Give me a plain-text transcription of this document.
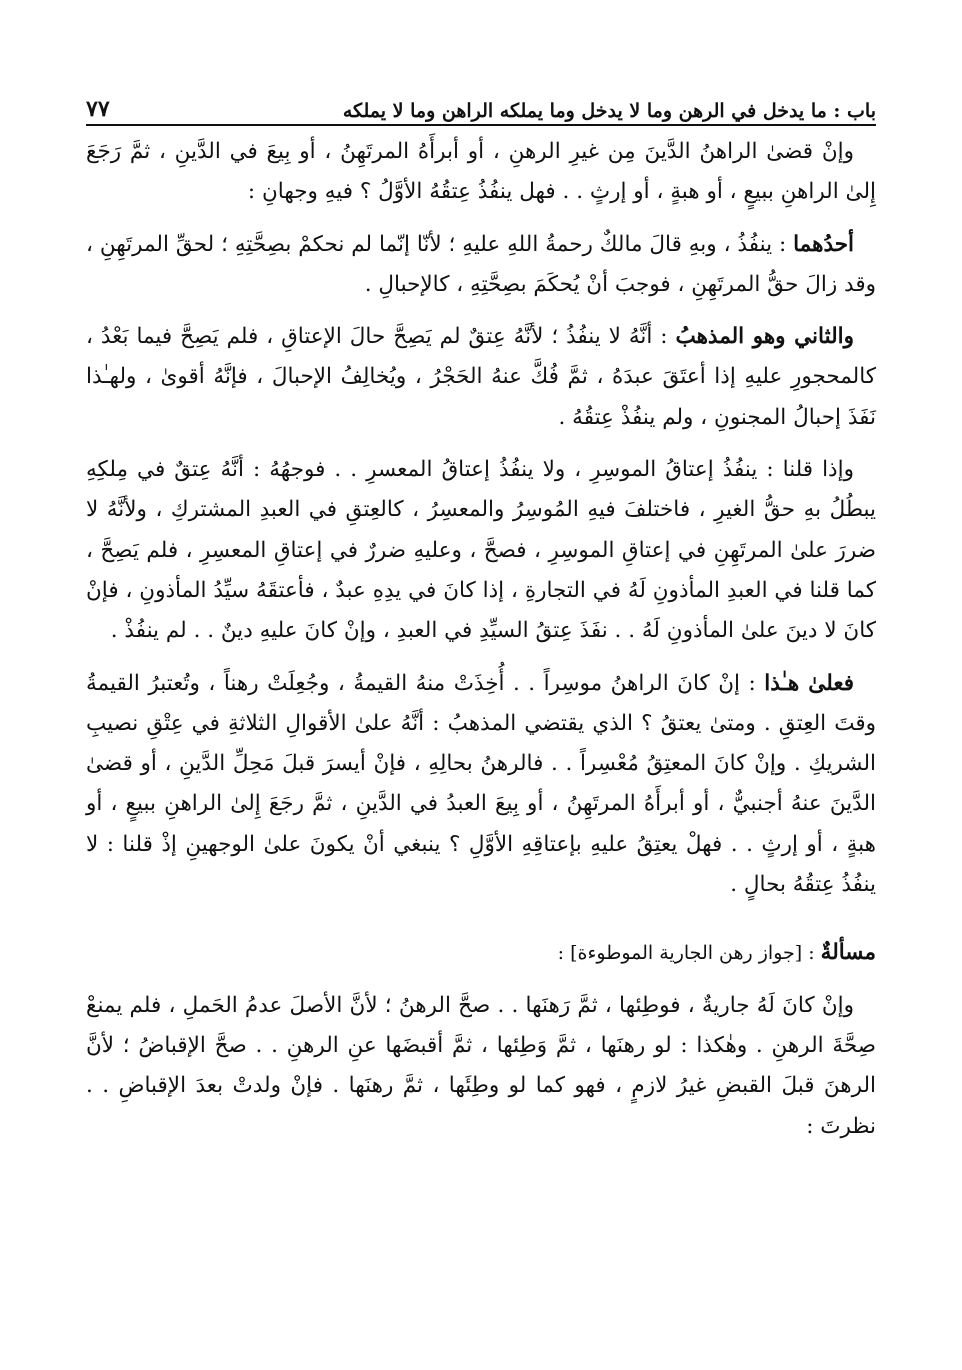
باب : ما يدخل في الرهن وما لا يدخل وما يملكه الراهن وما لا يملكه
٧٧

وإنْ قضىٰ الراهنُ الدَّينَ مِن غيرِ الرهنِ ، أو أبرأَهُ المرتَهِنُ ، أو بِيعَ في الدَّينِ ، ثمَّ رَجَعَ إِلىٰ الراهنِ ببيعٍ ، أو هبةٍ ، أو إرثٍ . . فهل ينفُذُ عِتقُهُ الأوَّلُ ؟ فيهِ وجهانِ :

أحدُهما : ينفُذُ ، وبهِ قالَ مالكٌ رحمةُ اللهِ عليهِ ؛ لأنّا إنّما لم نحكمْ بصِحَّتِهِ ؛ لحقِّ المرتَهِنِ ، وقد زالَ حقُّ المرتَهِنِ ، فوجبَ أنْ يُحكَمَ بصِحَّتِهِ ، كالإحبالِ .

والثاني وهو المذهبُ : أنَّهُ لا ينفُذُ ؛ لأنَّهُ عِتقٌ لم يَصِحَّ حالَ الإعتاقِ ، فلم يَصِحَّ فيما بَعْدُ ، كالمحجورِ عليهِ إذا أعتَقَ عبدَهُ ، ثمَّ فُكَّ عنهُ الحَجْرُ ، ويُخالِفُ الإحبالَ ، فإنَّهُ أقوىٰ ، ولهـٰذا نَفَذَ إحبالُ المجنونِ ، ولم ينفُذْ عِتقُهُ .

وإذا قلنا : ينفُذُ إعتاقُ الموسِرِ ، ولا ينفُذُ إعتاقُ المعسرِ . . فوجهُهُ : أنَّهُ عِتقٌ في مِلكِهِ يبطُلُ بهِ حقُّ الغيرِ ، فاختلفَ فيهِ المُوسِرُ والمعسِرُ ، كالعِتقِ في العبدِ المشتركِ ، ولأنَّهُ لا ضررَ علىٰ المرتَهِنِ في إعتاقِ الموسِرِ ، فصحَّ ، وعليهِ ضررٌ في إعتاقِ المعسِرِ ، فلم يَصِحَّ ، كما قلنا في العبدِ المأذونِ لَهُ في التجارةِ ، إذا كانَ في يدِهِ عبدٌ ، فأعتقَهُ سيِّدُ المأذونِ ، فإنْ كانَ لا دينَ علىٰ المأذونِ لَهُ . . نفَذَ عِتقُ السيِّدِ في العبدِ ، وإنْ كانَ عليهِ دينٌ . . لم ينفُذْ .

فعلىٰ هـٰذا : إنْ كانَ الراهنُ موسِراً . . أُخِذَتْ منهُ القيمةُ ، وجُعِلَتْ رهناً ، وتُعتبرُ القيمةُ وقتَ العِتقِ . ومتىٰ يعتقُ ؟ الذي يقتضي المذهبُ : أنَّهُ علىٰ الأقوالِ الثلاثةِ في عِتْقِ نصيبِ الشريكِ . وإنْ كانَ المعتِقُ مُعْسِراً . . فالرهنُ بحالِهِ ، فإنْ أيسرَ قبلَ مَحِلِّ الدَّينِ ، أو قضىٰ الدَّينَ عنهُ أجنبيٌّ ، أو أبرأَهُ المرتَهِنُ ، أو بِيعَ العبدُ في الدَّينِ ، ثمَّ رجَعَ إِلىٰ الراهنِ ببيعٍ ، أو هبةٍ ، أو إرثٍ . . فهلْ يعتِقُ عليهِ بإعتاقِهِ الأوَّلِ ؟ ينبغي أنْ يكونَ علىٰ الوجهينِ إذْ قلنا : لا ينفُذُ عِتقُهُ بحالٍ .

مسألةٌ : [جواز رهن الجارية الموطوءة] :

وإنْ كانَ لَهُ جاريةٌ ، فوطِئها ، ثمَّ رَهنَها . . صحَّ الرهنُ ؛ لأنَّ الأصلَ عدمُ الحَملِ ، فلم يمنعْ صِحَّةَ الرهنِ . وهٰكذا : لو رهنَها ، ثمَّ وَطِئها ، ثمَّ أقبضَها عنِ الرهنِ . . صحَّ الإقباضُ ؛ لأنَّ الرهنَ قبلَ القبضِ غيرُ لازمٍ ، فهو كما لو وطِئَها ، ثمَّ رهنَها . فإنْ ولدتْ بعدَ الإقباضِ . . نظرتَ :
